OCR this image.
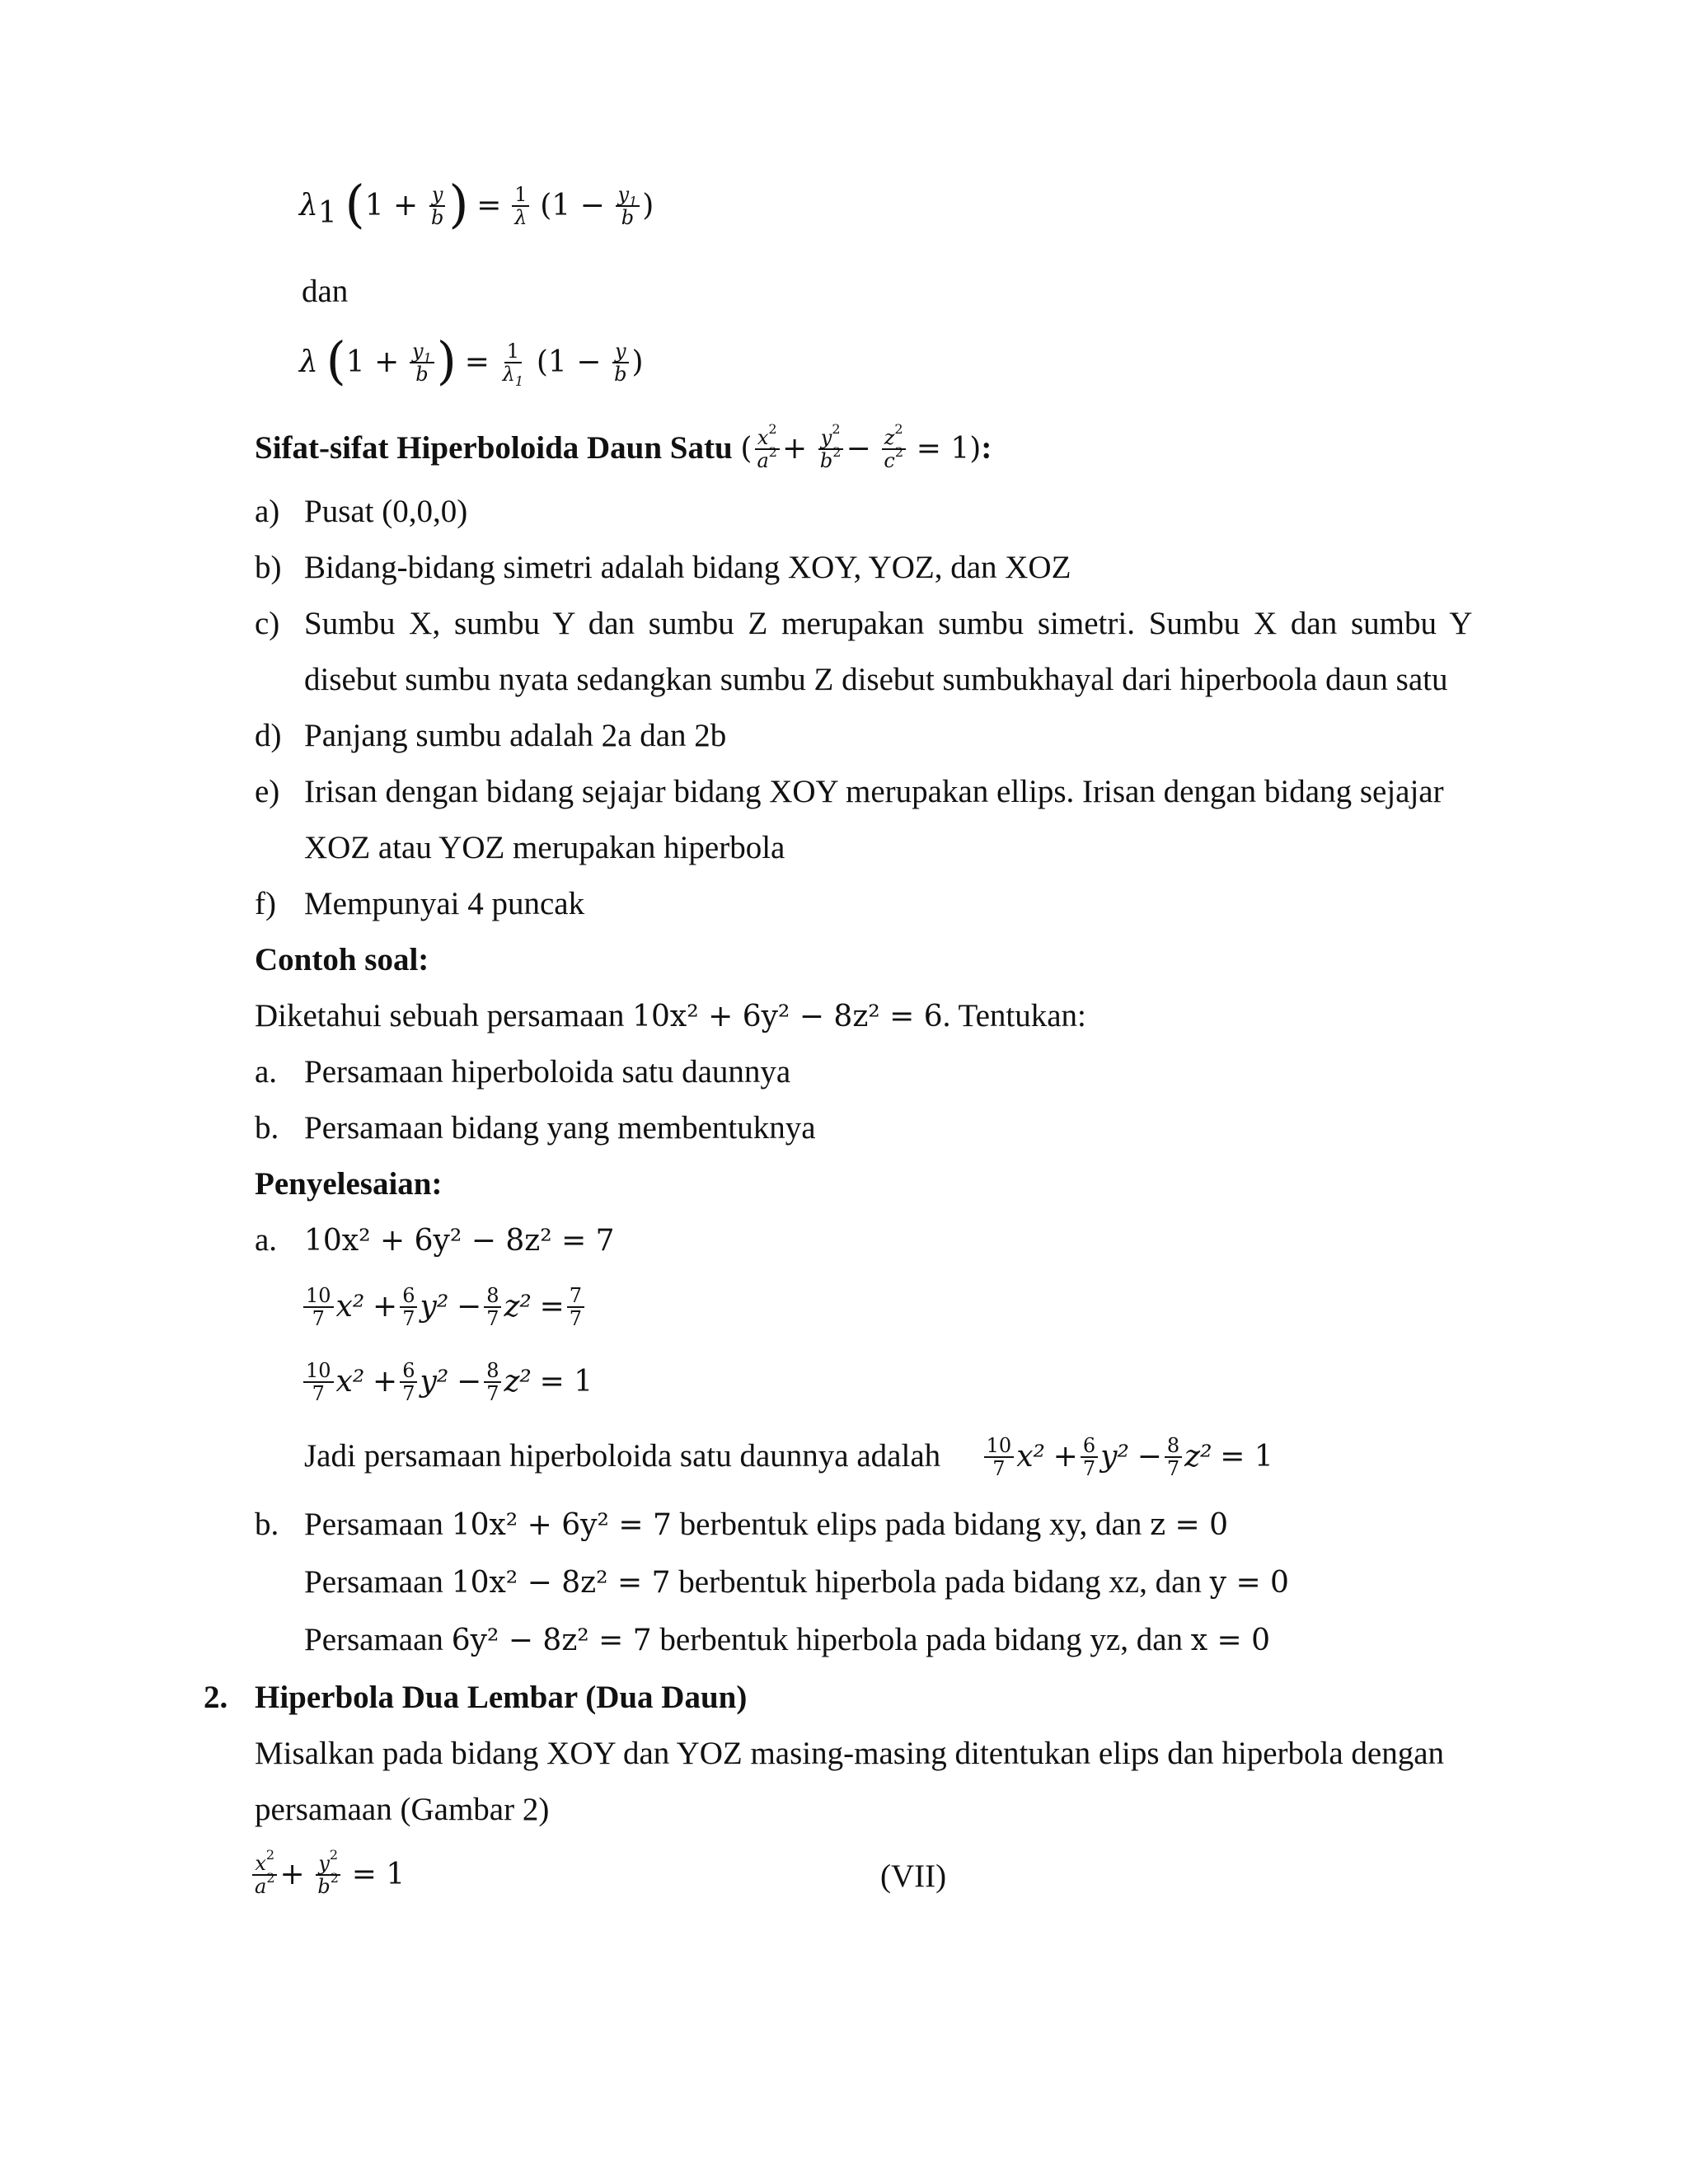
$\lambda_1$ ($1 + \frac{y}{b}$ ) = $\frac{1}{\lambda} (1 - \frac{y_1}{b}$ )
dan
λ ($1 + \frac{y_1}{b}$ ) = $\frac{1}{\lambda_1} (1 - \frac{y}{b}$ )
Sifat-sifat Hiperboloida Daun Satu ( $\frac{x^2}{a^2} + \frac{y^2}{b^2} - \frac{z^2}{c^2} = 1$):
a) Pusat (0,0,0)
b) Bidang-bidang simetri adalah bidang XOY, YOZ, dan XOZ
c) Sumbu X, sumbu Y dan sumbu Z merupakan sumbu simetri. Sumbu X dan sumbu Y
disebut sumbu nyata sedangkan sumbu Z disebut sumbukhayal dari hiperboola daun satu
d) Panjang sumbu adalah 2a dan 2b
e) Irisan dengan bidang sejajar bidang XOY merupakan ellips. Irisan dengan bidang sejajar
XOZ atau YOZ merupakan hiperbola
f) Mempunyai 4 puncak
Contoh soal:
Diketahui sebuah persamaan 10x² + 6y² − 8z² = 6. Tentukan:
a. Persamaan hiperboloida satu daunnya
b. Persamaan bidang yang membentuknya
Penyelesaian:
a. 10x² + 6y² − 8z² = 7
$\frac{10}{7} x^2 + \frac{6}{7} y^2 - \frac{8}{7} z^2 = \frac{7}{7}$
$\frac{10}{7} x^2 + \frac{6}{7} y^2 - \frac{8}{7} z^2 = 1$
Jadi persamaan hiperboloida satu daunnya adalah $\frac{10}{7} x^2 + \frac{6}{7} y^2 - \frac{8}{7} z^2 = 1$
b. Persamaan 10x² + 6y² = 7 berbentuk elips pada bidang xy, dan z = 0
Persamaan 10x² − 8z² = 7 berbentuk hiperbola pada bidang xz, dan y = 0
Persamaan 6y² − 8z² = 7 berbentuk hiperbola pada bidang yz, dan x = 0
2. Hiperbola Dua Lembar (Dua Daun)
Misalkan pada bidang XOY dan YOZ masing-masing ditentukan elips dan hiperbola dengan
persamaan (Gambar 2)
$\frac{x^2}{a^2} + \frac{y^2}{b^2} = 1$	(VII)
